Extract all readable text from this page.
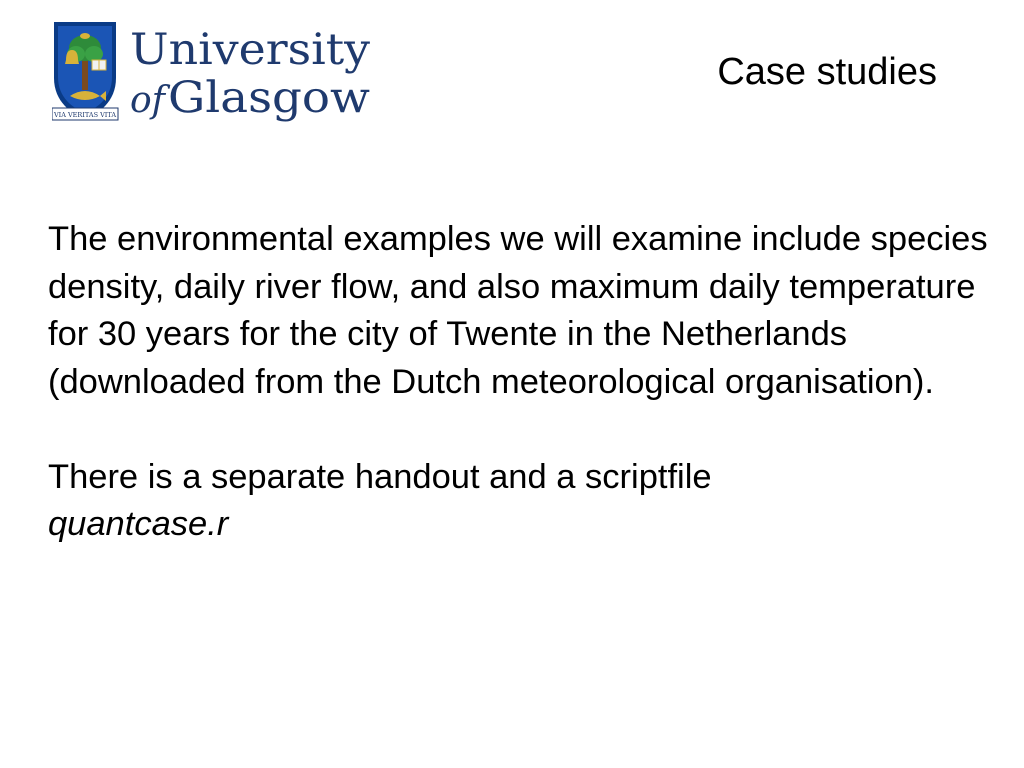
VIA VERITAS VITA
University
of Glasgow
Case studies

The environmental examples we will examine include species density, daily river flow, and also maximum daily temperature for 30 years for the city of Twente in the Netherlands (downloaded from the Dutch meteorological organisation).

There is a separate handout and a scriptfile
quantcase.r
